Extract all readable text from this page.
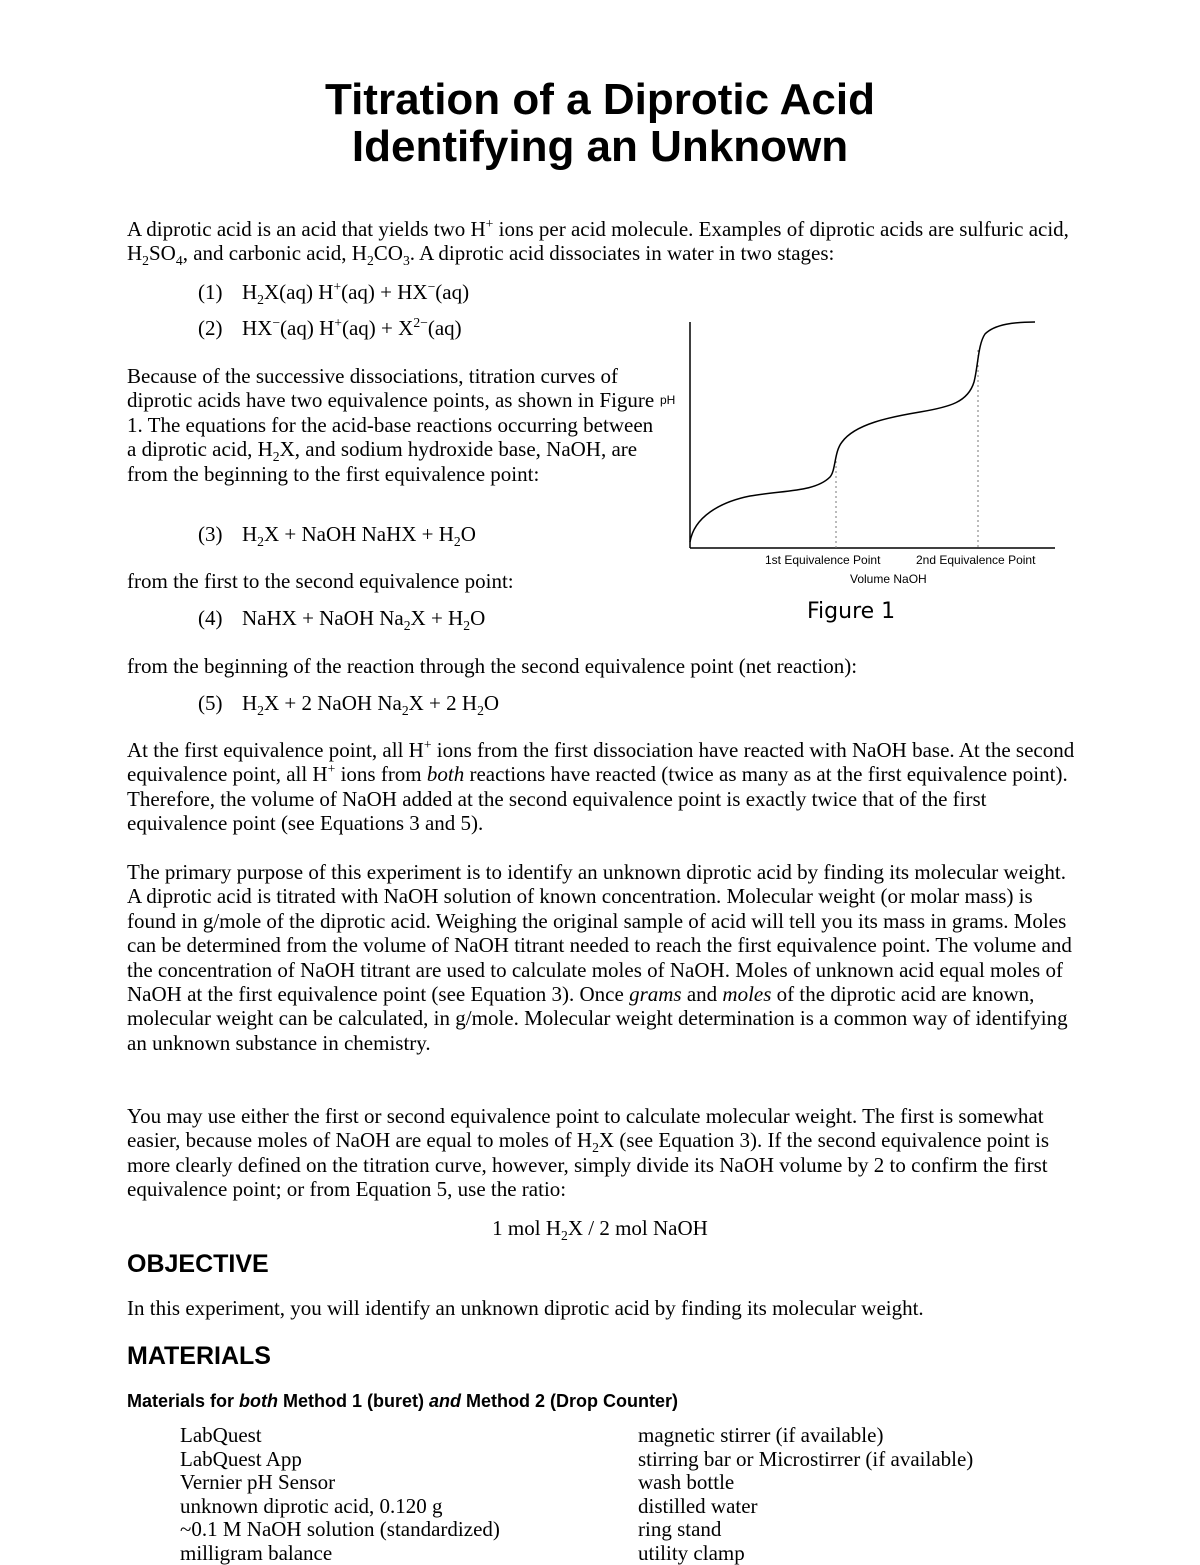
Titration of a Diprotic Acid
Identifying an Unknown
A diprotic acid is an acid that yields two H+ ions per acid molecule. Examples of diprotic acids are sulfuric acid, $H_2SO_4$, and carbonic acid, $H_2CO_3$. A diprotic acid dissociates in water in two stages:
(1) $H_2X(aq) H^+(aq) + HX^-(aq)$
(2) HX−(aq) $H^+(aq) + X^{2-}(aq)$
Because of the successive dissociations, titration curves of diprotic acids have two equivalence points, as shown in Figure 1. The equations for the acid-base reactions occurring between a diprotic acid, $H_2X$, and sodium hydroxide base, NaOH, are from the beginning to the first equivalence point:
(3) $H_2X$ + NaOH NaHX + $H_2O$
from the first to the second equivalence point:
(4) NaHX + NaOH $Na_2X + H_2O$
pH
1st Equivalence Point	2nd Equivalence Point
Volume NaOH
Figure 1
from the beginning of the reaction through the second equivalence point (net reaction):
(5) $H_2X + 2$ NaOH $Na_2X + 2$ $H_2O$
At the first equivalence point, all H+ ions from the first dissociation have reacted with NaOH base. At the second equivalence point, all H+ ions from both reactions have reacted (twice as many as at the first equivalence point). Therefore, the volume of NaOH added at the second equivalence point is exactly twice that of the first equivalence point (see Equations 3 and 5).
The primary purpose of this experiment is to identify an unknown diprotic acid by finding its molecular weight. A diprotic acid is titrated with NaOH solution of known concentration. Molecular weight (or molar mass) is found in g/mole of the diprotic acid. Weighing the original sample of acid will tell you its mass in grams. Moles can be determined from the volume of NaOH titrant needed to reach the first equivalence point. The volume and the concentration of NaOH titrant are used to calculate moles of NaOH. Moles of unknown acid equal moles of NaOH at the first equivalence point (see Equation 3). Once grams and moles of the diprotic acid are known, molecular weight can be calculated, in g/mole. Molecular weight determination is a common way of identifying an unknown substance in chemistry.
You may use either the first or second equivalence point to calculate molecular weight. The first is somewhat easier, because moles of NaOH are equal to moles of $H_2X$ (see Equation 3). If the second equivalence point is more clearly defined on the titration curve, however, simply divide its NaOH volume by 2 to confirm the first equivalence point; or from Equation 5, use the ratio:
1 mol $H_2X / 2$ mol NaOH
OBJECTIVE
In this experiment, you will identify an unknown diprotic acid by finding its molecular weight.
MATERIALS
Materials for both Method 1 (buret) and Method 2 (Drop Counter)
LabQuest
LabQuest App
Vernier pH Sensor
unknown diprotic acid, 0.120 g
~0.1 M NaOH solution (standardized)
milligram balance
magnetic stirrer (if available)
stirring bar or Microstirrer (if available)
wash bottle
distilled water
ring stand
utility clamp
